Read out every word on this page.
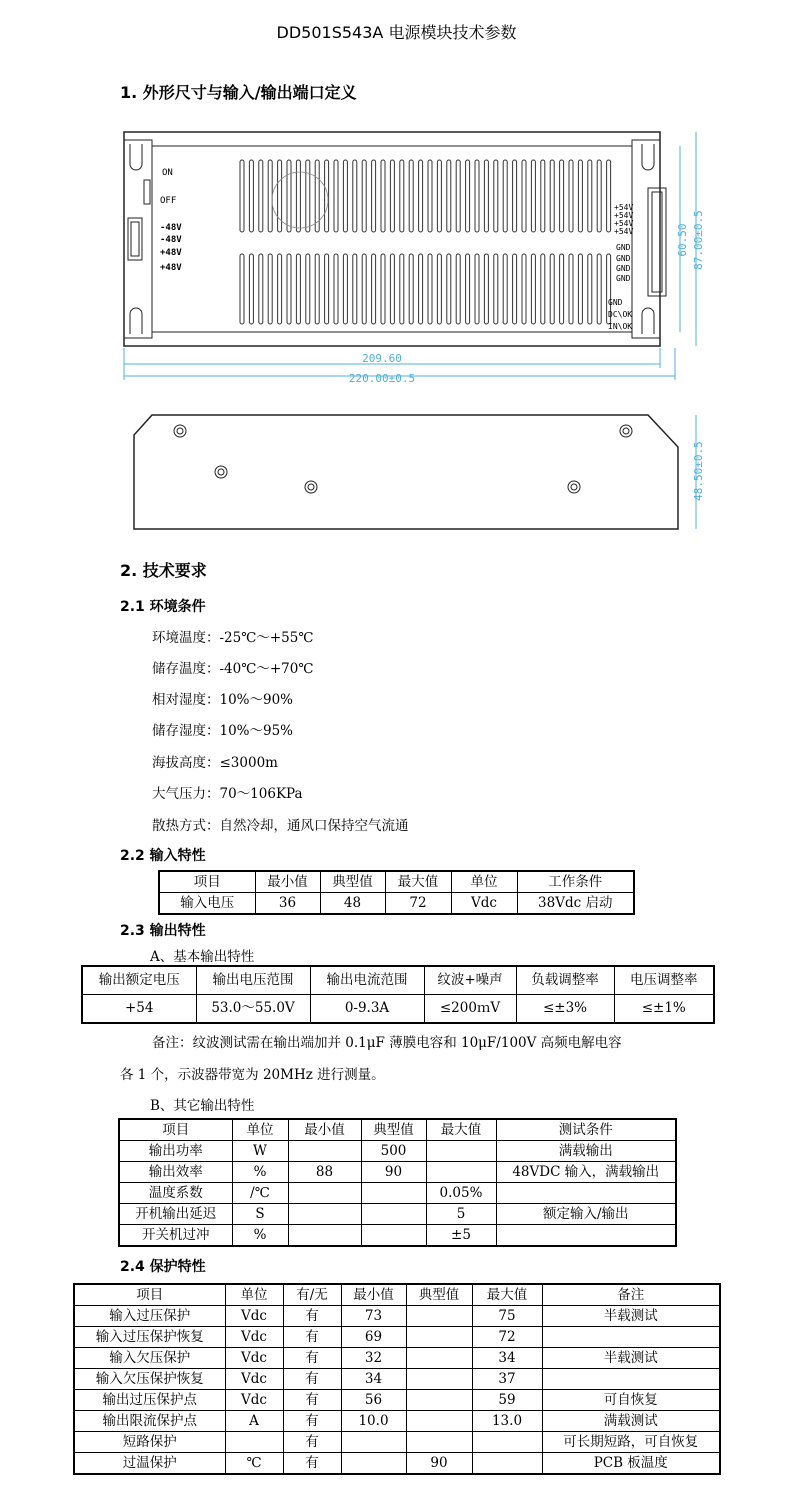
DD501S543A 电源模块技术参数
1. 外形尺寸与输入/输出端口定义
ON
OFF
-48V
-48V
+48V
+48V
+54V
+54V
+54V
+54V
GND
GND
GND
GND
GND
DC\OK
IN\OK
209.60
220.00±0.5
60.50 87.00±0.5
48.50±0.5
2. 技术要求
2.1 环境条件
环境温度：-25℃～+55℃
储存温度：-40℃～+70℃
相对湿度：10%～90%
储存湿度：10%～95%
海拔高度：≤3000m
大气压力：70～106KPa
散热方式：自然冷却，通风口保持空气流通
2.2 输入特性
项目	最小值	典型值	最大值	单位	工作条件
输入电压	36	48	72	Vdc	38Vdc 启动
2.3 输出特性
A、基本输出特性
输出额定电压	输出电压范围	输出电流范围	纹波+噪声	负载调整率	电压调整率
+54	53.0～55.0V	0-9.3A	≤200ｍV	≤±3%	≤±1%
备注：纹波测试需在输出端加并 0.1μF 薄膜电容和 10μF/100V 高频电解电容
各 1 个，示波器带宽为 20MHz 进行测量。
B、其它输出特性
项目	单位	最小值	典型值	最大值	测试条件
输出功率	W		500		满载输出
输出效率	%	88	90		48VDC 输入，满载输出
温度系数	/℃			0.05%	
开机输出延迟	S			5	额定输入/输出
开关机过冲	%			±5	
2.4 保护特性
项目	单位	有/无	最小值	典型值	最大值	备注
输入过压保护	Vdc	有	73		75	半载测试
输入过压保护恢复	Vdc	有	69		72	
输入欠压保护	Vdc	有	32		34	半载测试
输入欠压保护恢复	Vdc	有	34		37	
输出过压保护点	Vdc	有	56		59	可自恢复
输出限流保护点	A	有	10.0		13.0	满载测试
短路保护		有				可长期短路，可自恢复
过温保护	℃	有		90		PCB 板温度
